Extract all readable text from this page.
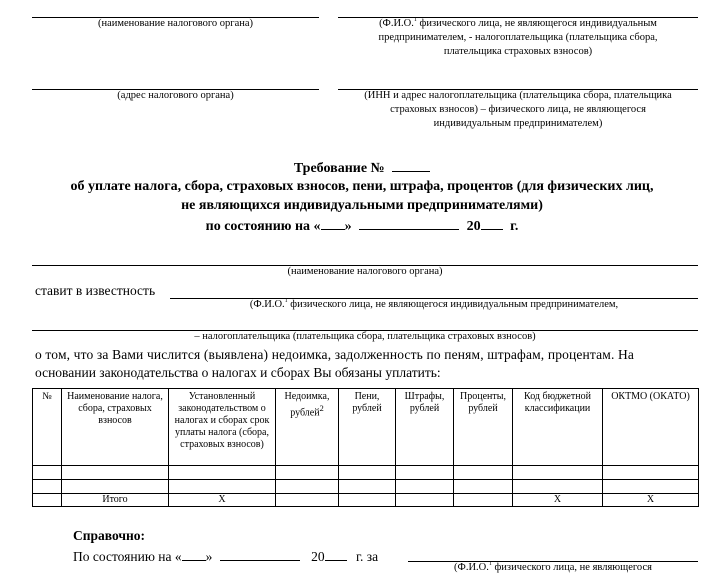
(наименование налогового органа)
(адрес налогового органа)
(Ф.И.О.$^1$ физического лица, не являющегося индивидуальным
предпринимателем, - налогоплательщика (плательщика сбора,
плательщика страховых взносов)
(ИНН и адрес налогоплательщика (плательщика сбора, плательщика
страховых взносов) – физического лица, не являющегося
индивидуальным предпринимателем)
Требование №
об уплате налога, сбора, страховых взносов, пени, штрафа, процентов (для физических лиц,
не являющихся индивидуальными предпринимателями)
по состоянию на « »	20 г.
(наименование налогового органа)
ставит в известность
(Ф.И.О.$^1$ физического лица, не являющегося индивидуальным предпринимателем,
– налогоплательщика (плательщика сбора, плательщика страховых взносов)
о том, что за Вами числится (выявлена) недоимка, задолженность по пеням, штрафам, процентам. На
основании законодательства о налогах и сборах Вы обязаны уплатить:
№	Наименование налога, сбора, страховых взносов	Установленный законодательством о налогах и сборах срок уплаты налога (сбора, страховых взносов)	Недоимка, рублей$^2$	Пени, рублей	Штрафы, рублей	Проценты, рублей	Код бюджетной классификации	ОКТМО (ОКАТО)

	Итого	X					X	X
Справочно:
По состоянию на « »	20 г. за
(Ф.И.О.$^1$ физического лица, не являющегося
